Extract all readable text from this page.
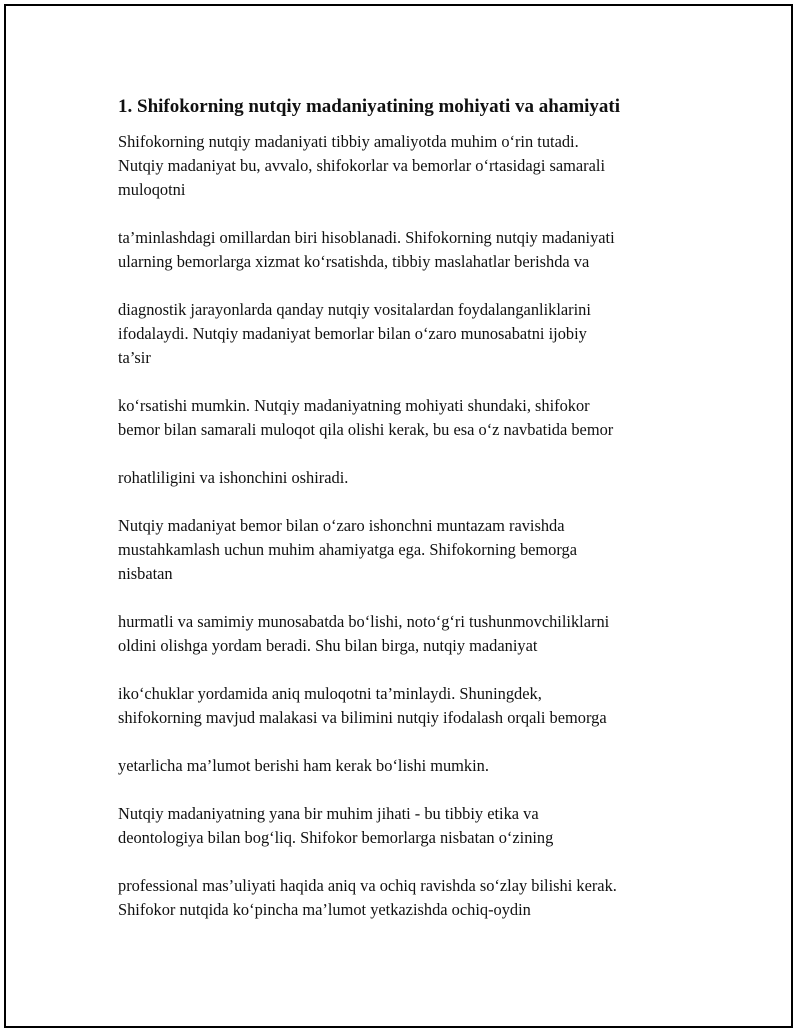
1. Shifokorning nutqiy madaniyatining mohiyati va ahamiyati

Shifokorning nutqiy madaniyati tibbiy amaliyotda muhim o‘rin tutadi.
Nutqiy madaniyat bu, avvalo, shifokorlar va bemorlar o‘rtasidagi samarali
muloqotni

ta’minlashdagi omillardan biri hisoblanadi. Shifokorning nutqiy madaniyati
ularning bemorlarga xizmat ko‘rsatishda, tibbiy maslahatlar berishda va

diagnostik jarayonlarda qanday nutqiy vositalardan foydalanganliklarini
ifodalaydi. Nutqiy madaniyat bemorlar bilan o‘zaro munosabatni ijobiy
ta’sir

ko‘rsatishi mumkin. Nutqiy madaniyatning mohiyati shundaki, shifokor
bemor bilan samarali muloqot qila olishi kerak, bu esa o‘z navbatida bemor

rohatliligini va ishonchini oshiradi.

Nutqiy madaniyat bemor bilan o‘zaro ishonchni muntazam ravishda
mustahkamlash uchun muhim ahamiyatga ega. Shifokorning bemorga
nisbatan

hurmatli va samimiy munosabatda bo‘lishi, noto‘g‘ri tushunmovchiliklarni
oldini olishga yordam beradi. Shu bilan birga, nutqiy madaniyat

iko‘chuklar yordamida aniq muloqotni ta’minlaydi. Shuningdek,
shifokorning mavjud malakasi va bilimini nutqiy ifodalash orqali bemorga

yetarlicha ma’lumot berishi ham kerak bo‘lishi mumkin.

Nutqiy madaniyatning yana bir muhim jihati - bu tibbiy etika va
deontologiya bilan bog‘liq. Shifokor bemorlarga nisbatan o‘zining

professional mas’uliyati haqida aniq va ochiq ravishda so‘zlay bilishi kerak.
Shifokor nutqida ko‘pincha ma’lumot yetkazishda ochiq-oydin
